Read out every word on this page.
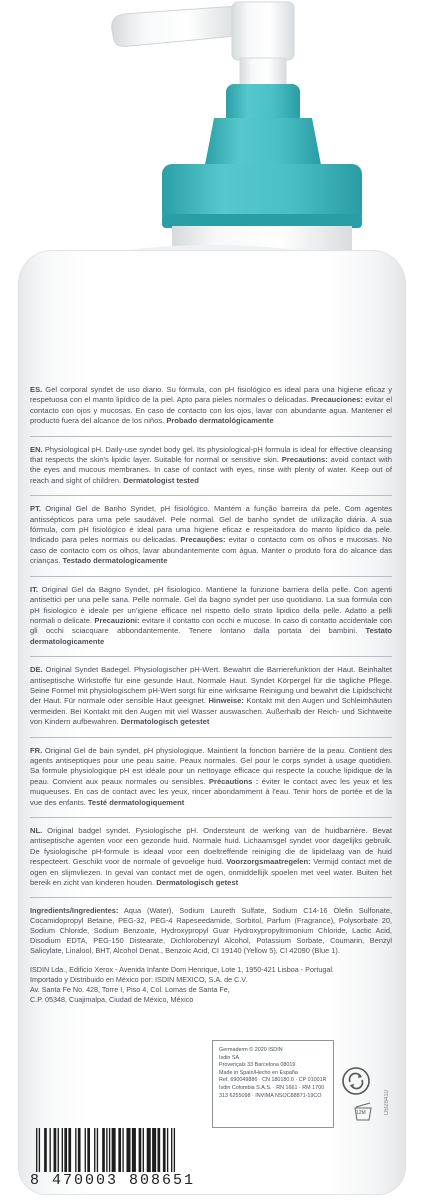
ES. Gel corporal syndet de uso diario. Su fórmula, con pH fisiológico es ideal para una higiene eficaz y respetuosa con el manto lipídico de la piel. Apto para pieles normales o delicadas. Precauciones: evitar el contacto con ojos y mucosas. En caso de contacto con los ojos, lavar con abundante agua. Mantener el producto fuera del alcance de los niños. Probado dermatológicamente

EN. Physiological pH. Daily-use syndet body gel. Its physiological-pH formula is ideal for effective cleansing that respects the skin's lipidic layer. Suitable for normal or sensitive skin. Precautions: avoid contact with the eyes and mucous membranes. In case of contact with eyes, rinse with plenty of water. Keep out of reach and sight of children. Dermatologist tested

PT. Original Gel de Banho Syndet, pH fisiológico. Mantém a função barreira da pele. Com agentes antissépticos para uma pele saudável. Pele normal. Gel de banho syndet de utilização diária. A sua fórmula, com pH fisiológico é ideal para uma higiene eficaz e respeitadora do manto lipídico da pele. Indicado para peles normais ou delicadas. Precauções: evitar o contacto com os olhos e mucosas. No caso de contacto com os olhos, lavar abundantemente com água. Manter o produto fora do alcance das crianças. Testado dermatologicamente

IT. Original Gel da Bagno Syndet, pH fisiologico. Mantiene la funzione barriera della pelle. Con agenti antisettici per una pelle sana. Pelle normale. Gel da bagno syndet per uso quotidiano. La sua formula con pH fisiologico è ideale per un'igiene efficace nel rispetto dello strato lipidico della pelle. Adatto a pelli normali o delicate. Precauzioni: evitare il contatto con occhi e mucose. In caso di contatto accidentale con gli occhi sciacquare abbondantemente. Tenere lontano dalla portata dei bambini. Testato dermatologicamente

DE. Original Syndet Badegel. Physiologischer pH-Wert. Bewahrt die Barrierefunktion der Haut. Beinhaltet antiseptische Wirkstoffe für eine gesunde Haut. Normale Haut. Syndet Körpergel für die tägliche Pflege. Seine Formel mit physiologischem pH-Wert sorgt für eine wirksame Reinigung und bewahrt die Lipidschicht der Haut. Für normale oder sensible Haut geeignet. Hinweise: Kontakt mit den Augen und Schleimhäuten vermeiden. Bei Kontakt mit den Augen mit viel Wasser auswaschen. Außerhalb der Reich- und Sichtweite von Kindern aufbewahren. Dermatologisch getestet

FR. Original Gel de bain syndet, pH physiologique. Maintient la fonction barrière de la peau. Contient des agents antiseptiques pour une peau saine. Peaux normales. Gel pour le corps syndet à usage quotidien. Sa formule physiologique pH est idéale pour un nettoyage efficace qui respecte la couche lipidique de la peau. Convient aux peaux normales ou sensibles. Précautions : éviter le contact avec les yeux et les muqueuses. En cas de contact avec les yeux, rincer abondamment à l'eau. Tenir hors de portée et de la vue des enfants. Testé dermatologiquement

NL. Original badgel syndet. Fysiologische pH. Ondersteunt de werking van de huidbarrière. Bevat antiseptische agenten voor een gezonde huid. Normale huid. Lichaamsgel syndet voor dagelijks gebruik. De fysiologische pH-formule is ideaal voor een doeltreffende reiniging die de lipidelaag van de huid respecteert. Geschikt voor de normale of gevoelige huid. Voorzorgsmaatregelen: Vermijd contact met de ogen en slijmvliezen. In geval van contact met de ogen, onmiddellijk spoelen met veel water. Buiten het bereik en zicht van kinderen houden. Dermatologisch getest

Ingredients/Ingredientes: Aqua (Water), Sodium Laureth Sulfate, Sodium C14-16 Olefin Sulfonate, Cocamidopropyl Betaine, PEG-32, PEG-4 Rapeseedamide, Sorbitol, Parfum (Fragrance), Polysorbate 20, Sodium Chloride, Sodium Benzoate, Hydroxypropyl Guar Hydroxypropyltrimonium Chloride, Lactic Acid, Disodium EDTA, PEG-150 Distearate, Dichlorobenzyl Alcohol, Potassium Sorbate, Coumarin, Benzyl Salicylate, Linalool, BHT, Alcohol Denat., Benzoic Acid, CI 19140 (Yellow 5), CI 42090 (Blue 1).

ISDIN Lda., Edificio Xerox - Avenida Infante Dom Henrique, Lote 1, 1950-421 Lisboa - Portugal.
Importado y Distribuido en México por: ISDIN MEXICO, S.A. de C.V.
Av. Santa Fe No. 428, Torre I, Piso 4, Col. Lomas de Santa Fe,
C.P. 05348, Cuajimalpa, Ciudad de México, México
Germaderm © 2020 ISDIN
Isdin SA
Provençals 33 Barcelona 08019
Made in Spain/Hecho en España
Ref. 690049886 · CN 180180.0 · CP 01001R
Isdin Colombia S.A.S. · RN 1661 · RM 1700
313 6255098 · INVIMA NSOC88871-19CO
12M	DB28410
8 470003 808651
